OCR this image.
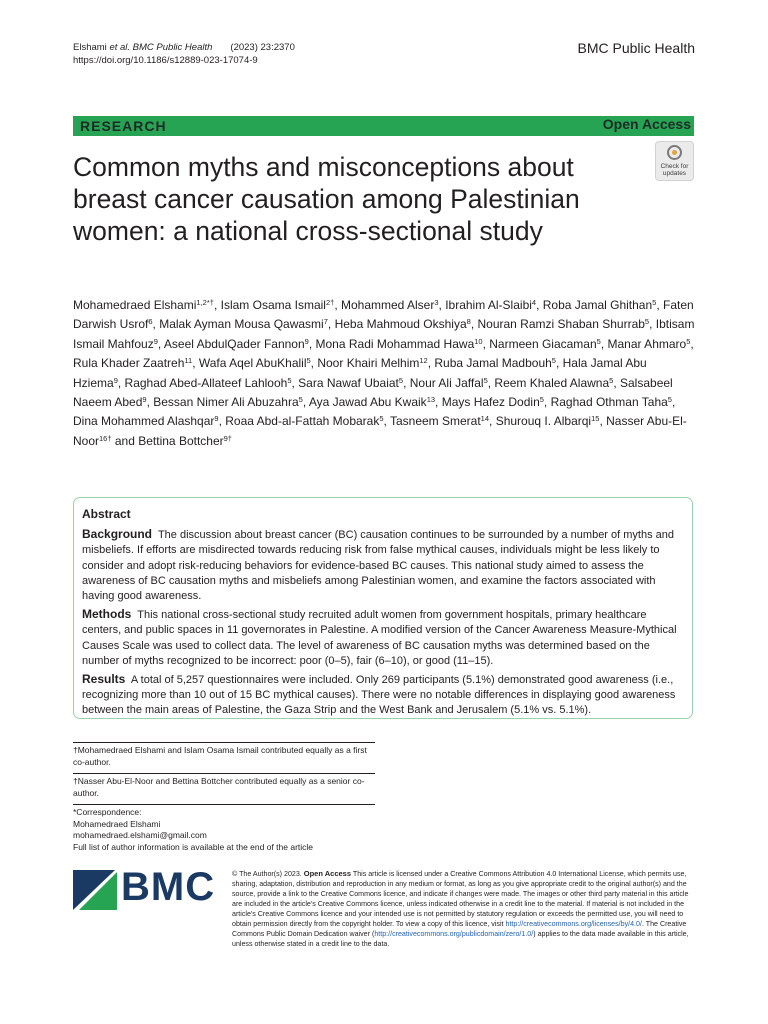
Elshami et al. BMC Public Health (2023) 23:2370
https://doi.org/10.1186/s12889-023-17074-9
BMC Public Health
RESEARCH	Open Access
Check for
updates
Common myths and misconceptions about breast cancer causation among Palestinian women: a national cross-sectional study
Mohamedraed Elshami$^{1,2*\dagger}$, Islam Osama Ismail$^{2\dagger}$, Mohammed Alser$^3$, Ibrahim Al-Slaibi$^4$, Roba Jamal Ghithan$^5$, Faten Darwish Usrof$^6$, Malak Ayman Mousa Qawasmi$^7$, Heba Mahmoud Okshiya$^8$, Nouran Ramzi Shaban Shurrab$^5$, Ibtisam Ismail Mahfouz$^9$, Aseel AbdulQader Fannon$^9$, Mona Radi Mohammad Hawa$^{10}$, Narmeen Giacaman$^5$, Manar Ahmaro$^5$, Rula Khader Zaatreh$^{11}$, Wafa Aqel AbuKhalil$^5$, Noor Khairi Melhim$^{12}$, Ruba Jamal Madbouh$^5$, Hala Jamal Abu Hziema$^9$, Raghad Abed-Allateef Lahlooh$^5$, Sara Nawaf Ubaiat$^5$, Nour Ali Jaffal$^5$, Reem Khaled Alawna$^5$, Salsabeel Naeem Abed$^9$, Bessan Nimer Ali Abuzahra$^5$, Aya Jawad Abu Kwaik$^{13}$, Mays Hafez Dodin$^5$, Raghad Othman Taha$^5$, Dina Mohammed Alashqar$^9$, Roaa Abd-al-Fattah Mobarak$^5$, Tasneem Smerat$^{14}$, Shurouq I. Albarqi$^{15}$, Nasser Abu-El-Noor$^{16\dagger}$ and Bettina Bottcher$^{9\dagger}$
Abstract
Background The discussion about breast cancer (BC) causation continues to be surrounded by a number of myths and misbeliefs. If efforts are misdirected towards reducing risk from false mythical causes, individuals might be less likely to consider and adopt risk-reducing behaviors for evidence-based BC causes. This national study aimed to assess the awareness of BC causation myths and misbeliefs among Palestinian women, and examine the factors associated with having good awareness.
Methods This national cross-sectional study recruited adult women from government hospitals, primary healthcare centers, and public spaces in 11 governorates in Palestine. A modified version of the Cancer Awareness Measure-Mythical Causes Scale was used to collect data. The level of awareness of BC causation myths was determined based on the number of myths recognized to be incorrect: poor (0–5), fair (6–10), or good (11–15).
Results A total of 5,257 questionnaires were included. Only 269 participants (5.1%) demonstrated good awareness (i.e., recognizing more than 10 out of 15 BC mythical causes). There were no notable differences in displaying good awareness between the main areas of Palestine, the Gaza Strip and the West Bank and Jerusalem (5.1% vs. 5.1%).
†Mohamedraed Elshami and Islam Osama Ismail contributed equally as a first co-author.
†Nasser Abu-El-Noor and Bettina Bottcher contributed equally as a senior co-author.
*Correspondence:
Mohamedraed Elshami
mohamedraed.elshami@gmail.com
Full list of author information is available at the end of the article
BMC © The Author(s) 2023. Open Access This article is licensed under a Creative Commons Attribution 4.0 International License, which permits use, sharing, adaptation, distribution and reproduction in any medium or format, as long as you give appropriate credit to the original author(s) and the source, provide a link to the Creative Commons licence, and indicate if changes were made. The images or other third party material in this article are included in the article's Creative Commons licence, unless indicated otherwise in a credit line to the material. If material is not included in the article's Creative Commons licence and your intended use is not permitted by statutory regulation or exceeds the permitted use, you will need to obtain permission directly from the copyright holder. To view a copy of this licence, visit http://creativecommons.org/licenses/by/4.0/. The Creative Commons Public Domain Dedication waiver (http://creativecommons.org/publicdomain/zero/1.0/) applies to the data made available in this article, unless otherwise stated in a credit line to the data.
